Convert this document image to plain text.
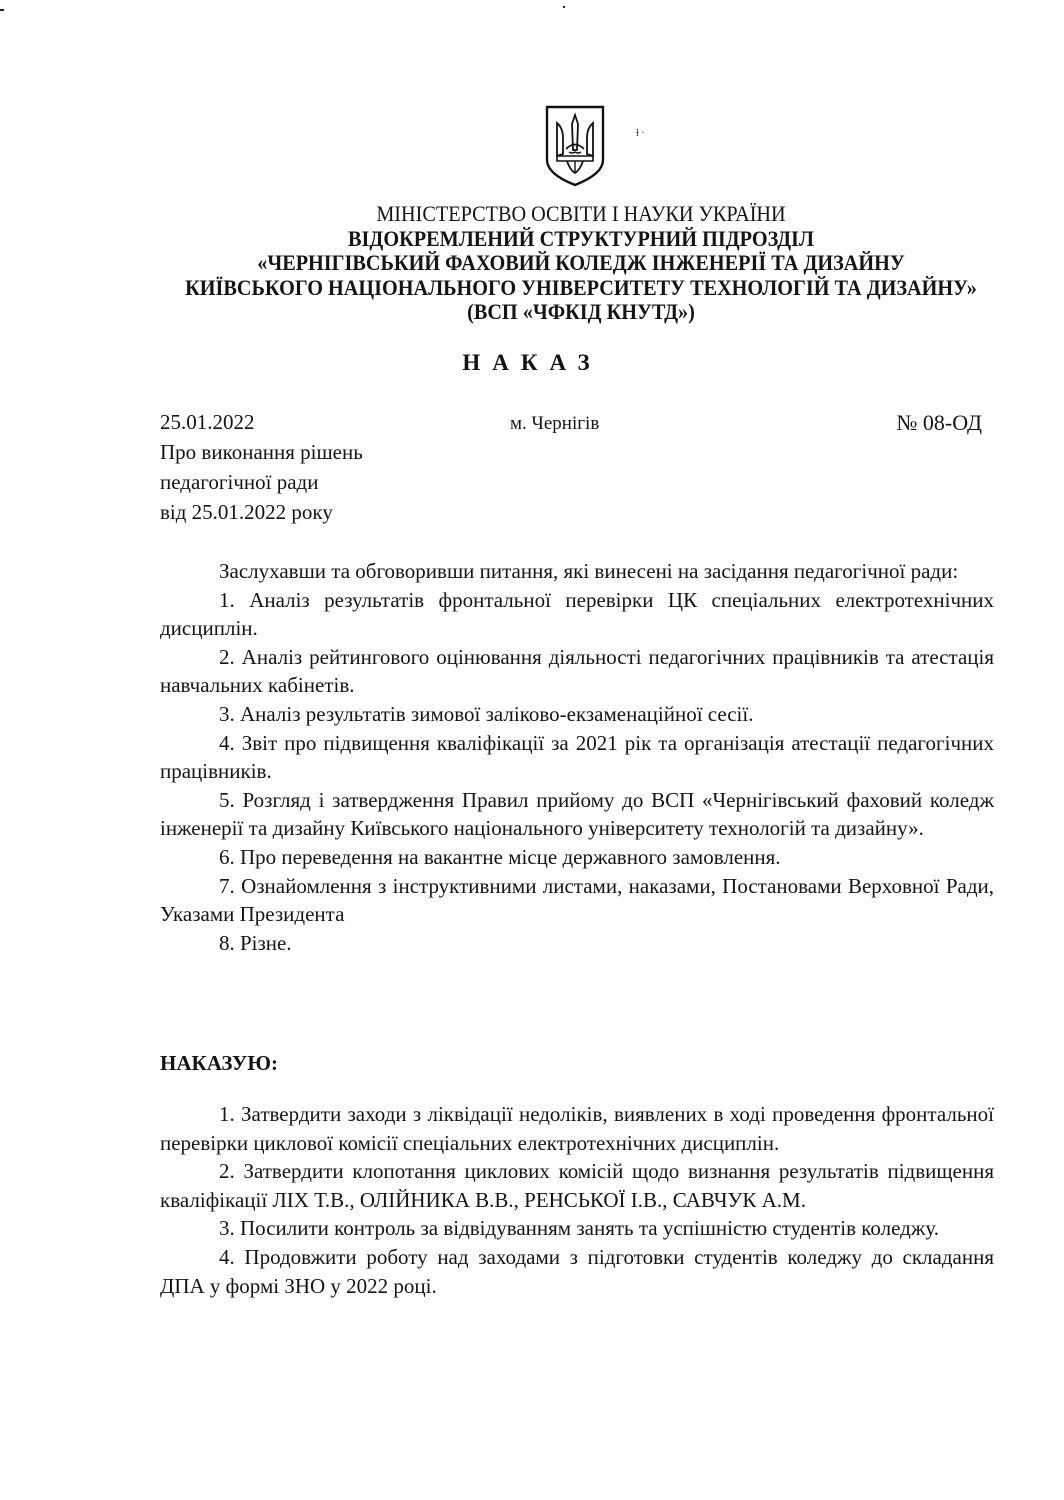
ɫ ·
МІНІСТЕРСТВО ОСВІТИ І НАУКИ УКРАЇНИ
ВІДОКРЕМЛЕНИЙ СТРУКТУРНИЙ ПІДРОЗДІЛ
«ЧЕРНІГІВСЬКИЙ ФАХОВИЙ КОЛЕДЖ ІНЖЕНЕРІЇ ТА ДИЗАЙНУ
КИЇВСЬКОГО НАЦІОНАЛЬНОГО УНІВЕРСИТЕТУ ТЕХНОЛОГІЙ ТА ДИЗАЙНУ»
(ВСП «ЧФКІД КНУТД»)
НАКАЗ
25.01.2022	м. Чернігів	№ 08-ОД
Про виконання рішень
педагогічної ради
від 25.01.2022 року

Заслухавши та обговоривши питання, які винесені на засідання педагогічної ради:

1. Аналіз результатів фронтальної перевірки ЦК спеціальних електротехнічних дисциплін.

2. Аналіз рейтингового оцінювання діяльності педагогічних працівників та атестація навчальних кабінетів.

3. Аналіз результатів зимової заліково-екзаменаційної сесії.

4. Звіт про підвищення кваліфікації за 2021 рік та організація атестації педагогічних працівників.

5. Розгляд і затвердження Правил прийому до ВСП «Чернігівський фаховий коледж інженерії та дизайну Київського національного університету технологій та дизайну».

6. Про переведення на вакантне місце державного замовлення.

7. Ознайомлення з інструктивними листами, наказами, Постановами Верховної Ради, Указами Президента

8. Різне.

НАКАЗУЮ:

1. Затвердити заходи з ліквідації недоліків, виявлених в ході проведення фронтальної перевірки циклової комісії спеціальних електротехнічних дисциплін.

2. Затвердити клопотання циклових комісій щодо визнання результатів підвищення кваліфікації ЛІХ Т.В., ОЛІЙНИКА В.В., РЕНСЬКОЇ І.В., САВЧУК А.М.

3. Посилити контроль за відвідуванням занять та успішністю студентів коледжу.

4. Продовжити роботу над заходами з підготовки студентів коледжу до складання ДПА у формі ЗНО у 2022 році.
